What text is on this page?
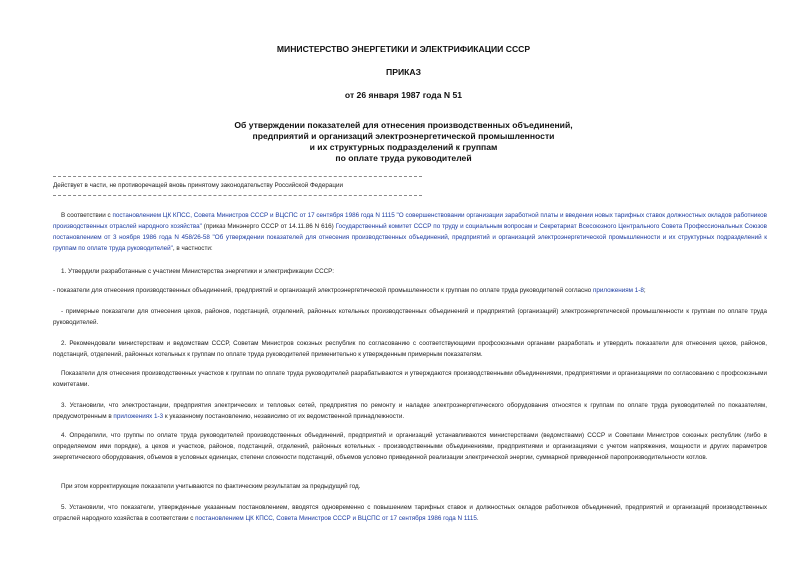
МИНИСТЕРСТВО ЭНЕРГЕТИКИ И ЭЛЕКТРИФИКАЦИИ СССР
ПРИКАЗ
от 26 января 1987 года N 51
Об утверждении показателей для отнесения производственных объединений,
предприятий и организаций электроэнергетической промышленности
и их структурных подразделений к группам
по оплате труда руководителей
Действует в части, не противоречащей вновь принятому законодательству Российской Федерации
В соответствии с постановлением ЦК КПСС, Совета Министров СССР и ВЦСПС от 17 сентября 1986 года N 1115 "О совершенствовании организации заработной платы и введении новых тарифных ставок должностных окладов работников производственных отраслей народного хозяйства" (приказ Минэнерго СССР от 14.11.86 N 616) Государственный комитет СССР по труду и социальным вопросам и Секретариат Всесоюзного Центрального Совета Профессиональных Союзов постановлением от 3 ноября 1986 года N 458/26-58 "Об утверждении показателей для отнесения производственных объединений, предприятий и организаций электроэнергетической промышленности и их структурных подразделений к группам по оплате труда руководителей", в частности:
1. Утвердили разработанные с участием Министерства энергетики и электрификации СССР:
- показатели для отнесения производственных объединений, предприятий и организаций электроэнергетической промышленности к группам по оплате труда руководителей согласно приложениям 1-8;
- примерные показатели для отнесения цехов, районов, подстанций, отделений, районных котельных производственных объединений и предприятий (организаций) электроэнергетической промышленности к группам по оплате труда руководителей.
2. Рекомендовали министерствам и ведомствам СССР, Советам Министров союзных республик по согласованию с соответствующими профсоюзными органами разработать и утвердить показатели для отнесения цехов, районов, подстанций, отделений, районных котельных к группам по оплате труда руководителей применительно к утвержденным примерным показателям.
Показатели для отнесения производственных участков к группам по оплате труда руководителей разрабатываются и утверждаются производственными объединениями, предприятиями и организациями по согласованию с профсоюзными комитетами.
3. Установили, что электростанции, предприятия электрических и тепловых сетей, предприятия по ремонту и наладке электроэнергетического оборудования относятся к группам по оплате труда руководителей по показателям, предусмотренным в приложениях 1-3 к указанному постановлению, независимо от их ведомственной принадлежности.
4. Определили, что группы по оплате труда руководителей производственных объединений, предприятий и организаций устанавливаются министерствами (ведомствами) СССР и Советами Министров союзных республик (либо в определяемом ими порядке), а цехов и участков, районов, подстанций, отделений, районных котельных - производственными объединениями, предприятиями и организациями с учетом напряжения, мощности и других параметров энергетического оборудования, объемов в условных единицах, степени сложности подстанций, объемов условно приведенной реализации электрической энергии, суммарной приведенной паропроизводительности котлов.
При этом корректирующие показатели учитываются по фактическим результатам за предыдущий год.
5. Установили, что показатели, утвержденные указанным постановлением, вводятся одновременно с повышением тарифных ставок и должностных окладов работников объединений, предприятий и организаций производственных отраслей народного хозяйства в соответствии с постановлением ЦК КПСС, Совета Министров СССР и ВЦСПС от 17 сентября 1986 года N 1115.
